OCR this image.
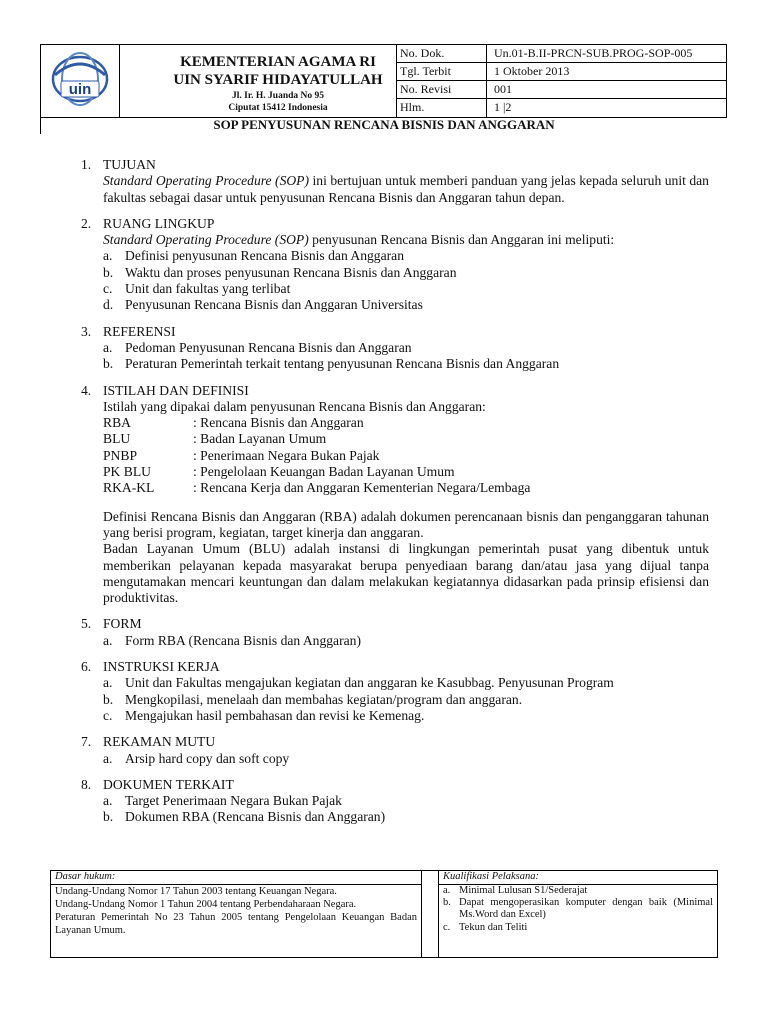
uin
KEMENTERIAN AGAMA RI
UIN SYARIF HIDAYATULLAH
Jl. Ir. H. Juanda No 95
Ciputat 15412 Indonesia
No. Dok.	Un.01-B.II-PRCN-SUB.PROG-SOP-005
Tgl. Terbit	1 Oktober 2013
No. Revisi	001
Hlm.	1 |2
SOP PENYUSUNAN RENCANA BISNIS DAN ANGGARAN
1. TUJUAN
Standard Operating Procedure (SOP) ini bertujuan untuk memberi panduan yang jelas kepada seluruh unit dan fakultas sebagai dasar untuk penyusunan Rencana Bisnis dan Anggaran tahun depan.
2. RUANG LINGKUP
Standard Operating Procedure (SOP) penyusunan Rencana Bisnis dan Anggaran ini meliputi:
a. Definisi penyusunan Rencana Bisnis dan Anggaran
b. Waktu dan proses penyusunan Rencana Bisnis dan Anggaran
c. Unit dan fakultas yang terlibat
d. Penyusunan Rencana Bisnis dan Anggaran Universitas
3. REFERENSI
a. Pedoman Penyusunan Rencana Bisnis dan Anggaran
b. Peraturan Pemerintah terkait tentang penyusunan Rencana Bisnis dan Anggaran
4. ISTILAH DAN DEFINISI
Istilah yang dipakai dalam penyusunan Rencana Bisnis dan Anggaran:
RBA	: Rencana Bisnis dan Anggaran
BLU	: Badan Layanan Umum
PNBP	: Penerimaan Negara Bukan Pajak
PK BLU	: Pengelolaan Keuangan Badan Layanan Umum
RKA-KL	: Rencana Kerja dan Anggaran Kementerian Negara/Lembaga
Definisi Rencana Bisnis dan Anggaran (RBA) adalah dokumen perencanaan bisnis dan penganggaran tahunan yang berisi program, kegiatan, target kinerja dan anggaran.
Badan Layanan Umum (BLU) adalah instansi di lingkungan pemerintah pusat yang dibentuk untuk memberikan pelayanan kepada masyarakat berupa penyediaan barang dan/atau jasa yang dijual tanpa mengutamakan mencari keuntungan dan dalam melakukan kegiatannya didasarkan pada prinsip efisiensi dan produktivitas.
5. FORM
a. Form RBA (Rencana Bisnis dan Anggaran)
6. INSTRUKSI KERJA
a. Unit dan Fakultas mengajukan kegiatan dan anggaran ke Kasubbag. Penyusunan Program
b. Mengkopilasi, menelaah dan membahas kegiatan/program dan anggaran.
c. Mengajukan hasil pembahasan dan revisi ke Kemenag.
7. REKAMAN MUTU
a. Arsip hard copy dan soft copy
8. DOKUMEN TERKAIT
a. Target Penerimaan Negara Bukan Pajak
b. Dokumen RBA (Rencana Bisnis dan Anggaran)
Dasar hukum:
Undang-Undang Nomor 17 Tahun 2003 tentang Keuangan Negara.
Undang-Undang Nomor 1 Tahun 2004 tentang Perbendaharaan Negara.
Peraturan Pemerintah No 23 Tahun 2005 tentang Pengelolaan Keuangan Badan Layanan Umum.
Kualifikasi Pelaksana:
a. Minimal Lulusan S1/Sederajat
b. Dapat mengoperasikan komputer dengan baik (Minimal Ms.Word dan Excel)
c. Tekun dan Teliti
